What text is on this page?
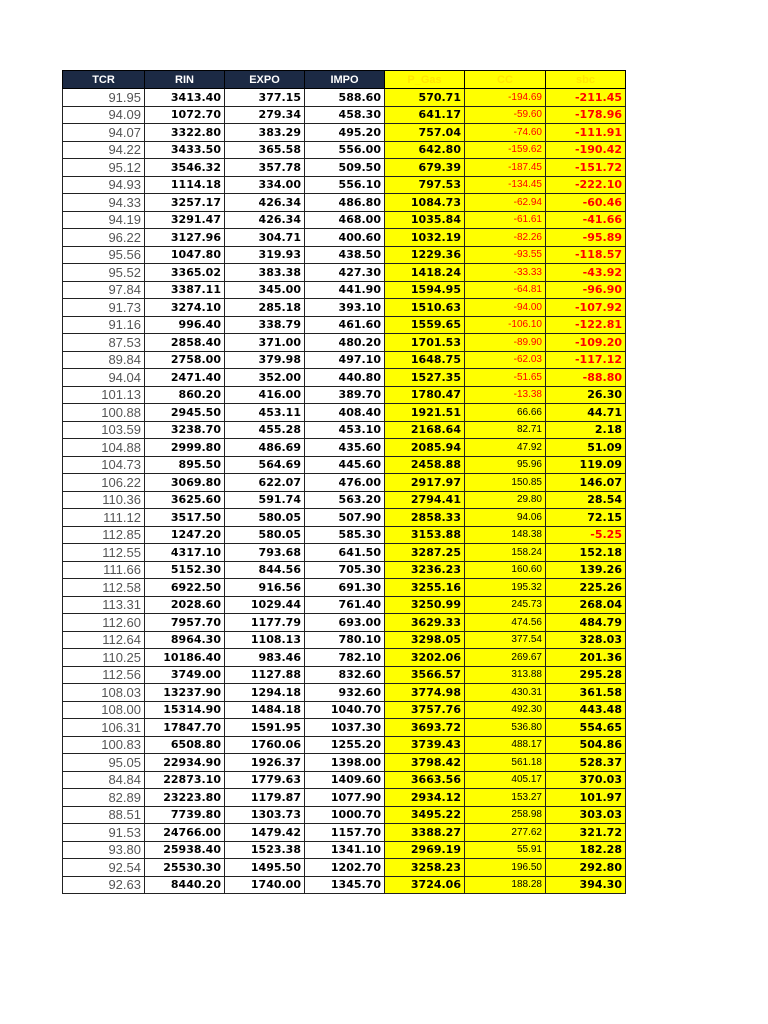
TCR	RIN	EXPO	IMPO	P_Gas	CC	sbc
91.95	3413.40	377.15	588.60	570.71	-194.69	-211.45
94.09	1072.70	279.34	458.30	641.17	-59.60	-178.96
94.07	3322.80	383.29	495.20	757.04	-74.60	-111.91
94.22	3433.50	365.58	556.00	642.80	-159.62	-190.42
95.12	3546.32	357.78	509.50	679.39	-187.45	-151.72
94.93	1114.18	334.00	556.10	797.53	-134.45	-222.10
94.33	3257.17	426.34	486.80	1084.73	-62.94	-60.46
94.19	3291.47	426.34	468.00	1035.84	-61.61	-41.66
96.22	3127.96	304.71	400.60	1032.19	-82.26	-95.89
95.56	1047.80	319.93	438.50	1229.36	-93.55	-118.57
95.52	3365.02	383.38	427.30	1418.24	-33.33	-43.92
97.84	3387.11	345.00	441.90	1594.95	-64.81	-96.90
91.73	3274.10	285.18	393.10	1510.63	-94.00	-107.92
91.16	996.40	338.79	461.60	1559.65	-106.10	-122.81
87.53	2858.40	371.00	480.20	1701.53	-89.90	-109.20
89.84	2758.00	379.98	497.10	1648.75	-62.03	-117.12
94.04	2471.40	352.00	440.80	1527.35	-51.65	-88.80
101.13	860.20	416.00	389.70	1780.47	-13.38	26.30
100.88	2945.50	453.11	408.40	1921.51	66.66	44.71
103.59	3238.70	455.28	453.10	2168.64	82.71	2.18
104.88	2999.80	486.69	435.60	2085.94	47.92	51.09
104.73	895.50	564.69	445.60	2458.88	95.96	119.09
106.22	3069.80	622.07	476.00	2917.97	150.85	146.07
110.36	3625.60	591.74	563.20	2794.41	29.80	28.54
111.12	3517.50	580.05	507.90	2858.33	94.06	72.15
112.85	1247.20	580.05	585.30	3153.88	148.38	-5.25
112.55	4317.10	793.68	641.50	3287.25	158.24	152.18
111.66	5152.30	844.56	705.30	3236.23	160.60	139.26
112.58	6922.50	916.56	691.30	3255.16	195.32	225.26
113.31	2028.60	1029.44	761.40	3250.99	245.73	268.04
112.60	7957.70	1177.79	693.00	3629.33	474.56	484.79
112.64	8964.30	1108.13	780.10	3298.05	377.54	328.03
110.25	10186.40	983.46	782.10	3202.06	269.67	201.36
112.56	3749.00	1127.88	832.60	3566.57	313.88	295.28
108.03	13237.90	1294.18	932.60	3774.98	430.31	361.58
108.00	15314.90	1484.18	1040.70	3757.76	492.30	443.48
106.31	17847.70	1591.95	1037.30	3693.72	536.80	554.65
100.83	6508.80	1760.06	1255.20	3739.43	488.17	504.86
95.05	22934.90	1926.37	1398.00	3798.42	561.18	528.37
84.84	22873.10	1779.63	1409.60	3663.56	405.17	370.03
82.89	23223.80	1179.87	1077.90	2934.12	153.27	101.97
88.51	7739.80	1303.73	1000.70	3495.22	258.98	303.03
91.53	24766.00	1479.42	1157.70	3388.27	277.62	321.72
93.80	25938.40	1523.38	1341.10	2969.19	55.91	182.28
92.54	25530.30	1495.50	1202.70	3258.23	196.50	292.80
92.63	8440.20	1740.00	1345.70	3724.06	188.28	394.30
